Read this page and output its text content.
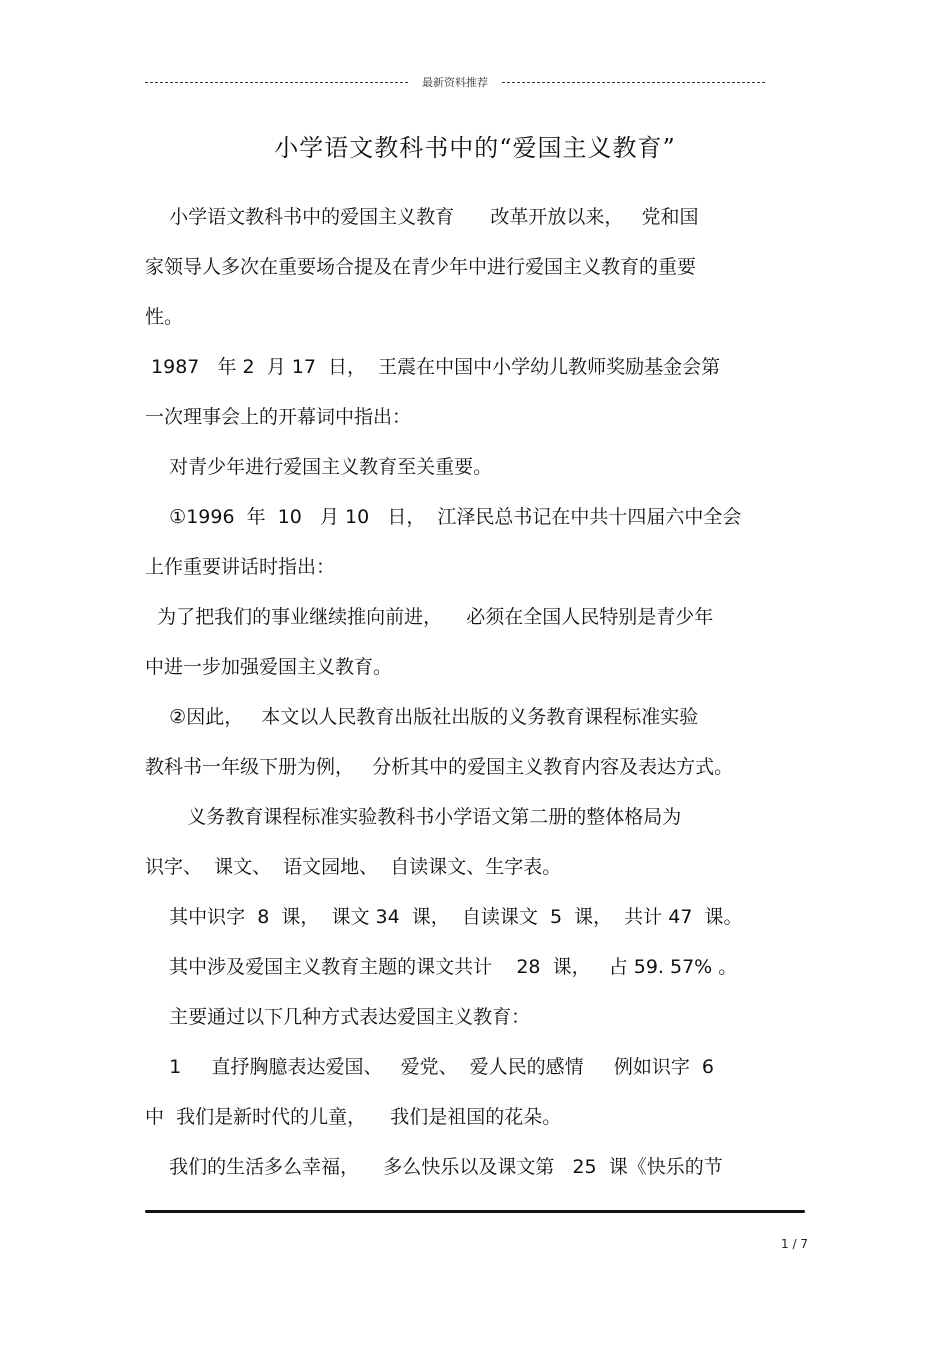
最新资料推荐
小学语文教科书中的“爱国主义教育”
小学语文教科书中的爱国主义教育      改革开放以来，   党和国
家领导人多次在重要场合提及在青少年中进行爱国主义教育的重要
性。
1987   年 2  月 17  日，  王震在中国中小学幼儿教师奖励基金会第
一次理事会上的开幕词中指出：
对青少年进行爱国主义教育至关重要。
①1996  年  10   月 10   日，  江泽民总书记在中共十四届六中全会
上作重要讲话时指出：
为了把我们的事业继续推向前进，    必须在全国人民特别是青少年
中进一步加强爱国主义教育。
②因此，   本文以人民教育出版社出版的义务教育课程标准实验
教科书一年级下册为例，   分析其中的爱国主义教育内容及表达方式。
义务教育课程标准实验教科书小学语文第二册的整体格局为
识字、  课文、  语文园地、  自读课文、生字表。
其中识字  8  课，  课文 34  课，  自读课文  5  课，  共计 47  课。
其中涉及爱国主义教育主题的课文共计    28  课，   占 59. 57% 。
主要通过以下几种方式表达爱国主义教育：
1     直抒胸臆表达爱国、   爱党、  爱人民的感情     例如识字  6
中  我们是新时代的儿童，    我们是祖国的花朵。
我们的生活多么幸福，    多么快乐以及课文第   25  课《快乐的节
1 / 7
